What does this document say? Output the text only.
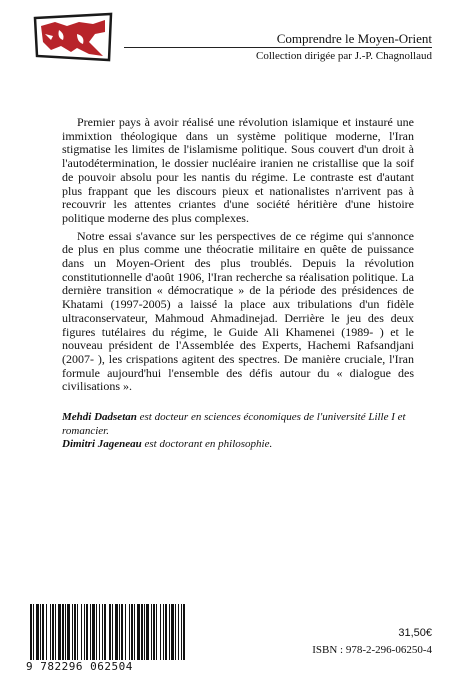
Comprendre le Moyen-Orient
Collection dirigée par J.-P. Chagnollaud

Premier pays à avoir réalisé une révolution islamique et instauré une immixtion théologique dans un système politique moderne, l'Iran stigmatise les limites de l'islamisme politique. Sous couvert d'un droit à l'autodétermination, le dossier nucléaire iranien ne cristallise que la soif de pouvoir absolu pour les nantis du régime. Le contraste est d'autant plus frappant que les discours pieux et nationalistes n'arrivent pas à recouvrir les attentes criantes d'une société héritière d'une histoire politique moderne des plus complexes.

Notre essai s'avance sur les perspectives de ce régime qui s'annonce de plus en plus comme une théocratie militaire en quête de puissance dans un Moyen-Orient des plus troublés. Depuis la révolution constitutionnelle d'août 1906, l'Iran recherche sa réalisation politique. La dernière transition « démocratique » de la période des présidences de Khatami (1997-2005) a laissé la place aux tribulations d'un fidèle ultraconservateur, Mahmoud Ahmadinejad. Derrière le jeu des deux figures tutélaires du régime, le Guide Ali Khamenei (1989- ) et le nouveau président de l'Assemblée des Experts, Hachemi Rafsandjani (2007- ), les crispations agitent des spectres. De manière cruciale, l'Iran formule aujourd'hui l'ensemble des défis autour du « dialogue des civilisations ».

Mehdi Dadsetan est docteur en sciences économiques de l'université Lille I et romancier.

Dimitri Jageneau est doctorant en philosophie.

9 782296 062504
31,50€
ISBN : 978-2-296-06250-4
